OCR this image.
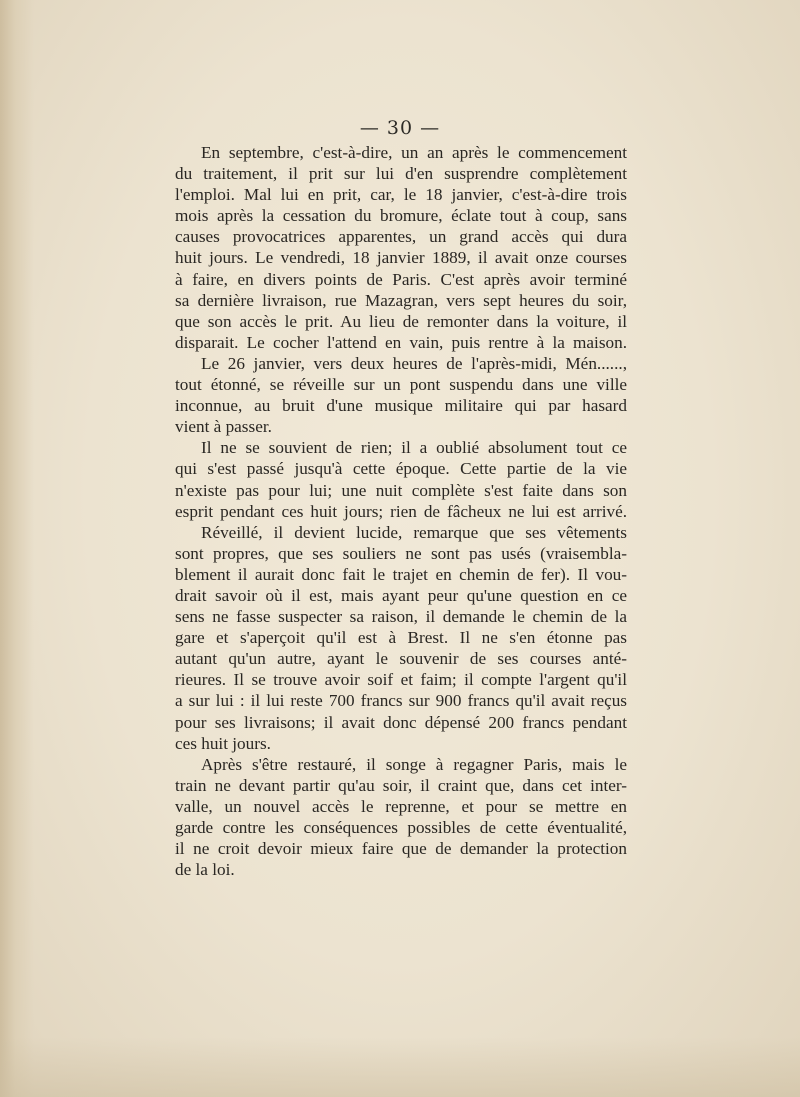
— 30 —
En septembre, c'est-à-dire, un an après le commencement
du traitement, il prit sur lui d'en susprendre complètement
l'emploi. Mal lui en prit, car, le 18 janvier, c'est-à-dire trois
mois après la cessation du bromure, éclate tout à coup, sans
causes provocatrices apparentes, un grand accès qui dura
huit jours. Le vendredi, 18 janvier 1889, il avait onze courses
à faire, en divers points de Paris. C'est après avoir terminé
sa dernière livraison, rue Mazagran, vers sept heures du soir,
que son accès le prit. Au lieu de remonter dans la voiture, il
disparait. Le cocher l'attend en vain, puis rentre à la maison.
Le 26 janvier, vers deux heures de l'après-midi, Mén......,
tout étonné, se réveille sur un pont suspendu dans une ville
inconnue, au bruit d'une musique militaire qui par hasard
vient à passer.
Il ne se souvient de rien; il a oublié absolument tout ce
qui s'est passé jusqu'à cette époque. Cette partie de la vie
n'existe pas pour lui; une nuit complète s'est faite dans son
esprit pendant ces huit jours; rien de fâcheux ne lui est arrivé.
Réveillé, il devient lucide, remarque que ses vêtements
sont propres, que ses souliers ne sont pas usés (vraisembla-
blement il aurait donc fait le trajet en chemin de fer). Il vou-
drait savoir où il est, mais ayant peur qu'une question en ce
sens ne fasse suspecter sa raison, il demande le chemin de la
gare et s'aperçoit qu'il est à Brest. Il ne s'en étonne pas
autant qu'un autre, ayant le souvenir de ses courses anté-
rieures. Il se trouve avoir soif et faim; il compte l'argent qu'il
a sur lui : il lui reste 700 francs sur 900 francs qu'il avait reçus
pour ses livraisons; il avait donc dépensé 200 francs pendant
ces huit jours.
Après s'être restauré, il songe à regagner Paris, mais le
train ne devant partir qu'au soir, il craint que, dans cet inter-
valle, un nouvel accès le reprenne, et pour se mettre en
garde contre les conséquences possibles de cette éventualité,
il ne croit devoir mieux faire que de demander la protection
de la loi.
